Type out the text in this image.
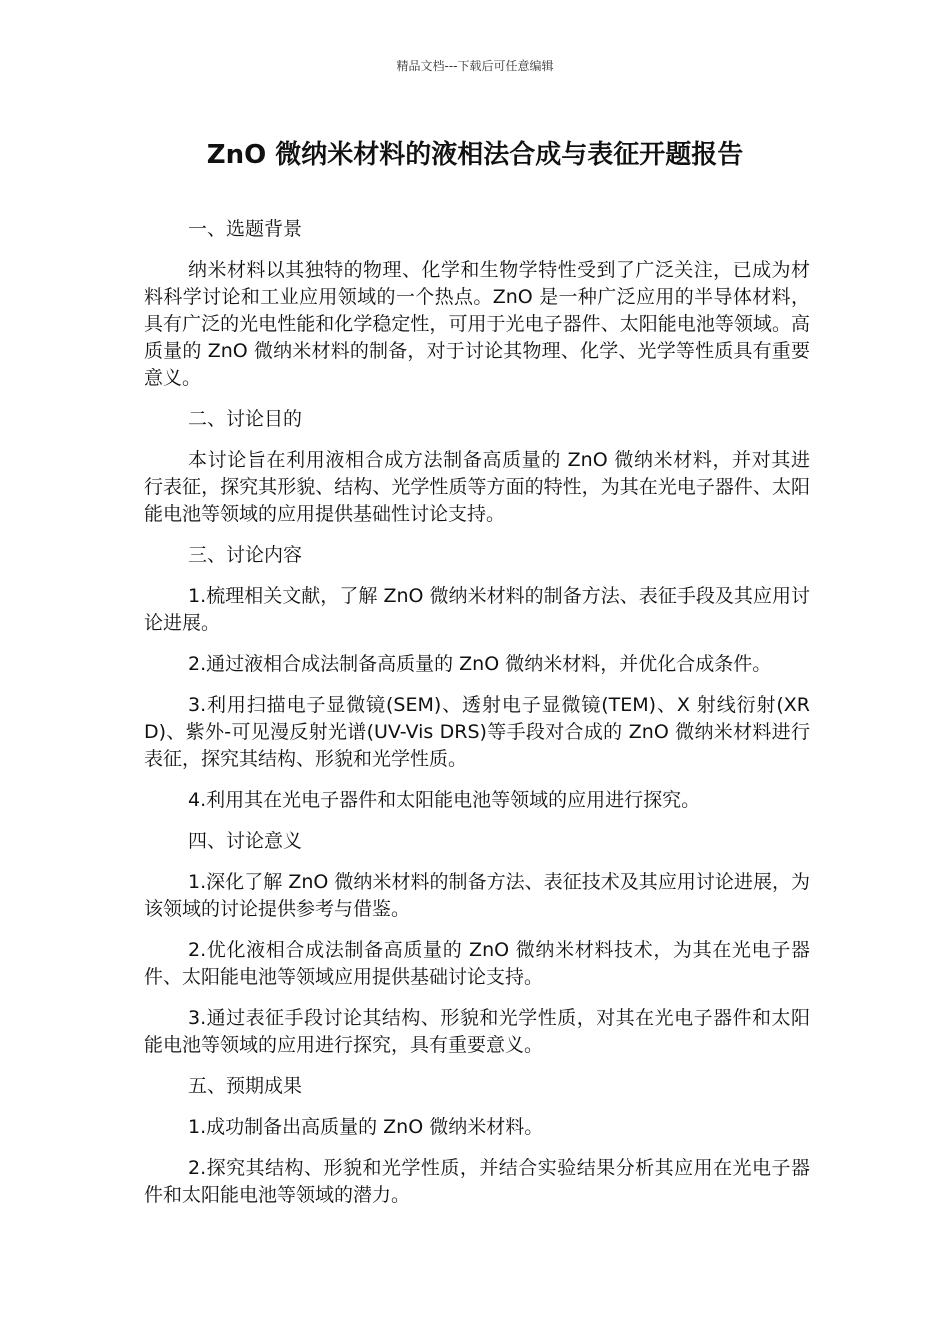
精品文档---下载后可任意编辑
ZnO 微纳米材料的液相法合成与表征开题报告

一、选题背景

纳米材料以其独特的物理、化学和生物学特性受到了广泛关注，已成为材料科学讨论和工业应用领域的一个热点。ZnO 是一种广泛应用的半导体材料，具有广泛的光电性能和化学稳定性，可用于光电子器件、太阳能电池等领域。高质量的 ZnO 微纳米材料的制备，对于讨论其物理、化学、光学等性质具有重要意义。

二、讨论目的

本讨论旨在利用液相合成方法制备高质量的 ZnO 微纳米材料，并对其进行表征，探究其形貌、结构、光学性质等方面的特性，为其在光电子器件、太阳能电池等领域的应用提供基础性讨论支持。

三、讨论内容

1.梳理相关文献，了解 ZnO 微纳米材料的制备方法、表征手段及其应用讨论进展。

2.通过液相合成法制备高质量的 ZnO 微纳米材料，并优化合成条件。

3.利用扫描电子显微镜(SEM)、透射电子显微镜(TEM)、X 射线衍射(XRD)、紫外-可见漫反射光谱(UV-Vis DRS)等手段对合成的 ZnO 微纳米材料进行表征，探究其结构、形貌和光学性质。

4.利用其在光电子器件和太阳能电池等领域的应用进行探究。

四、讨论意义

1.深化了解 ZnO 微纳米材料的制备方法、表征技术及其应用讨论进展，为该领域的讨论提供参考与借鉴。

2.优化液相合成法制备高质量的 ZnO 微纳米材料技术，为其在光电子器件、太阳能电池等领域应用提供基础讨论支持。

3.通过表征手段讨论其结构、形貌和光学性质，对其在光电子器件和太阳能电池等领域的应用进行探究，具有重要意义。

五、预期成果

1.成功制备出高质量的 ZnO 微纳米材料。

2.探究其结构、形貌和光学性质，并结合实验结果分析其应用在光电子器件和太阳能电池等领域的潜力。
